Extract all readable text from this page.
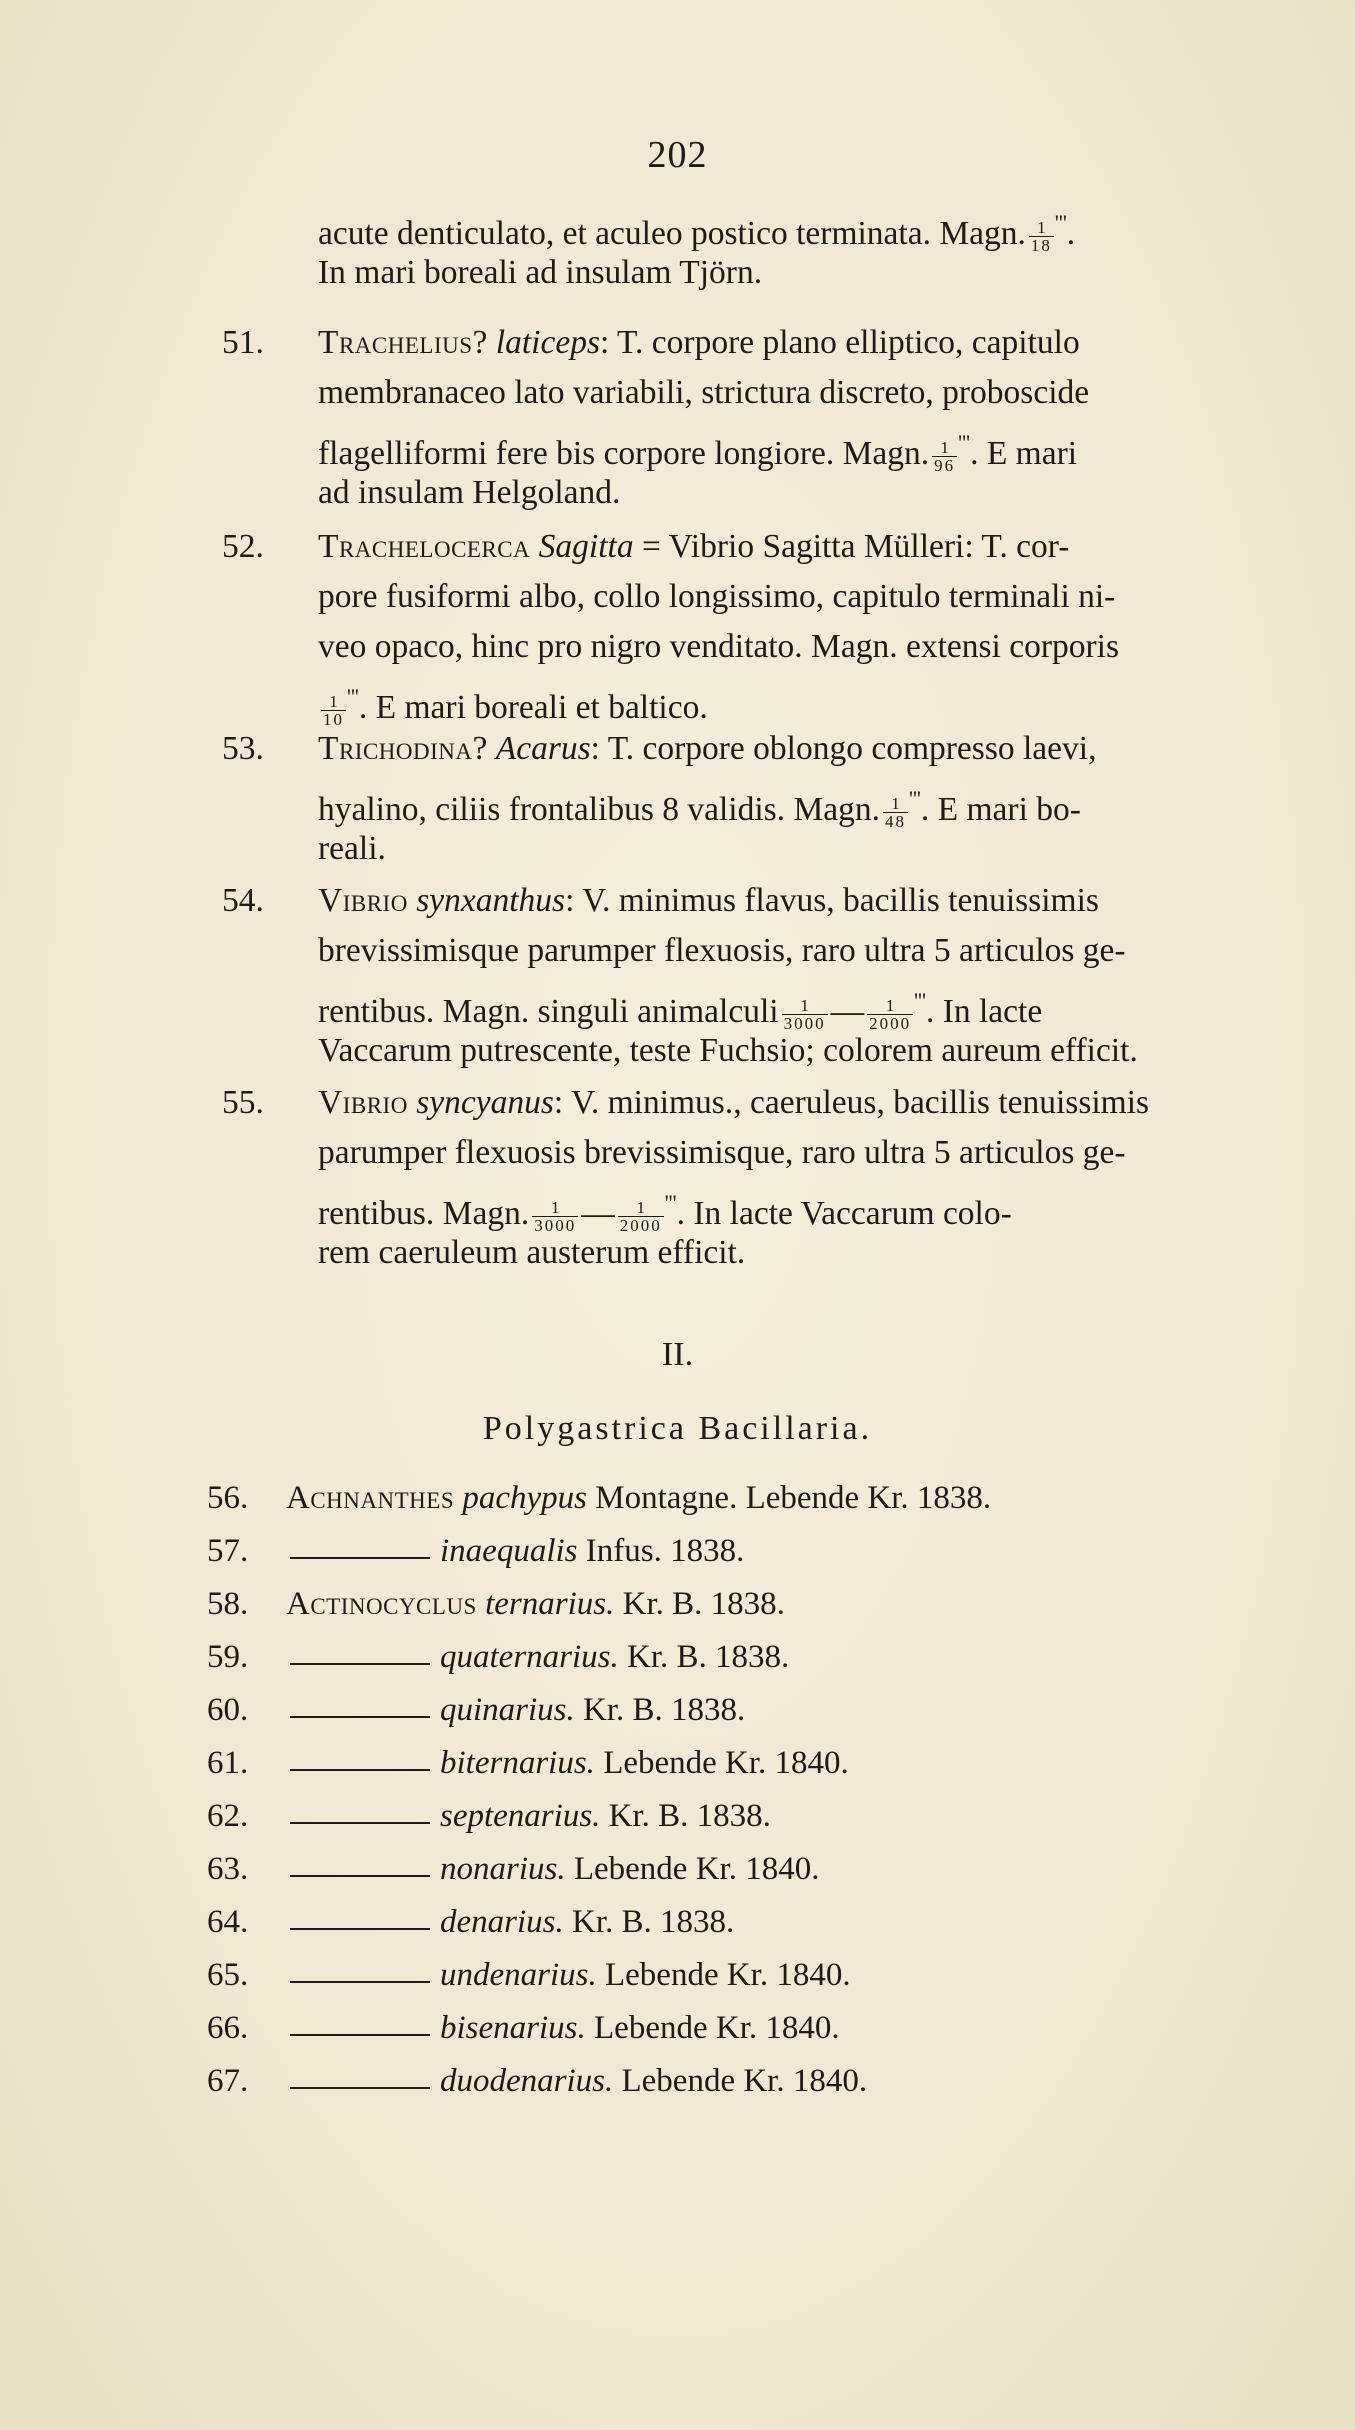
202
acute denticulato, et aculeo postico terminata. Magn. $\frac{1}{18} '''$.
In mari boreali ad insulam Tjörn.
51. Trachelius? laticeps: T. corpore plano elliptico, capitulo
membranaceo lato variabili, strictura discreto, proboscide
flagelliformi fere bis corpore longiore. Magn. $\frac{1}{96} '''$. E mari
ad insulam Helgoland.
52. Trachelocerca Sagitta = Vibrio Sagitta Mülleri: T. cor-
pore fusiformi albo, collo longissimo, capitulo terminali ni-
veo opaco, hinc pro nigro venditato. Magn. extensi corporis
$\frac{1}{10} '''$. E mari boreali et baltico.
53. Trichodina? Acarus: T. corpore oblongo compresso laevi,
hyalino, ciliis frontalibus 8 validis. Magn. $\frac{1}{48} '''$. E mari bo-
reali.
54. Vibrio synxanthus: V. minimus flavus, bacillis tenuissimis
brevissimisque parumper flexuosis, raro ultra 5 articulos ge-
rentibus. Magn. singuli animalculi $\frac{1}{3000}$ — $\frac{1}{2000} '''$. In lacte
Vaccarum putrescente, teste Fuchsio; colorem aureum efficit.
55. Vibrio syncyanus: V. minimus., caeruleus, bacillis tenuissimis
parumper flexuosis brevissimisque, raro ultra 5 articulos ge-
rentibus. Magn. $\frac{1}{3000}$ — $\frac{1}{2000} '''$. In lacte Vaccarum colo-
rem caeruleum austerum efficit.
II.
Polygastrica Bacillaria.
56. Achnanthes pachypus Montagne. Lebende Kr. 1838.
57.	inaequalis Infus. 1838.
58. Actinocyclus ternarius. Kr. B. 1838.
59.	quaternarius. Kr. B. 1838.
60.	quinarius. Kr. B. 1838.
61.	biternarius. Lebende Kr. 1840.
62.	septenarius. Kr. B. 1838.
63.	nonarius. Lebende Kr. 1840.
64.	denarius. Kr. B. 1838.
65.	undenarius. Lebende Kr. 1840.
66.	bisenarius. Lebende Kr. 1840.
67.	duodenarius. Lebende Kr. 1840.
